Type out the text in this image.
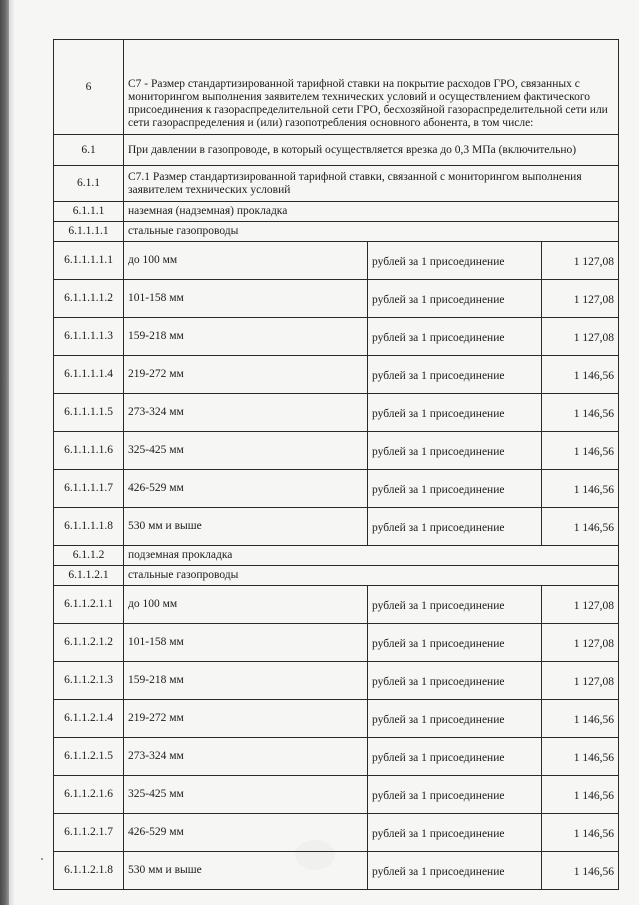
6	С7 - Размер стандартизированной тарифной ставки на покрытие расходов ГРО, связанных с мониторингом выполнения заявителем технических условий и осуществлением фактического присоединения к газораспределительной сети ГРО, бесхозяйной газораспределительной сети или сети газораспределения и (или) газопотребления основного абонента, в том числе:		
6.1	При давлении в газопроводе, в который осуществляется врезка до 0,3 МПа (включительно)		
6.1.1	С7.1 Размер стандартизированной тарифной ставки, связанной с мониторингом выполнения заявителем технических условий		
6.1.1.1	наземная (надземная) прокладка		
6.1.1.1.1	стальные газопроводы		
6.1.1.1.1.1	до 100 мм	рублей за 1 присоединение	1 127,08
6.1.1.1.1.2	101-158 мм	рублей за 1 присоединение	1 127,08
6.1.1.1.1.3	159-218 мм	рублей за 1 присоединение	1 127,08
6.1.1.1.1.4	219-272 мм	рублей за 1 присоединение	1 146,56
6.1.1.1.1.5	273-324 мм	рублей за 1 присоединение	1 146,56
6.1.1.1.1.6	325-425 мм	рублей за 1 присоединение	1 146,56
6.1.1.1.1.7	426-529 мм	рублей за 1 присоединение	1 146,56
6.1.1.1.1.8	530 мм и выше	рублей за 1 присоединение	1 146,56
6.1.1.2	подземная прокладка		
6.1.1.2.1	стальные газопроводы		
6.1.1.2.1.1	до 100 мм	рублей за 1 присоединение	1 127,08
6.1.1.2.1.2	101-158 мм	рублей за 1 присоединение	1 127,08
6.1.1.2.1.3	159-218 мм	рублей за 1 присоединение	1 127,08
6.1.1.2.1.4	219-272 мм	рублей за 1 присоединение	1 146,56
6.1.1.2.1.5	273-324 мм	рублей за 1 присоединение	1 146,56
6.1.1.2.1.6	325-425 мм	рублей за 1 присоединение	1 146,56
6.1.1.2.1.7	426-529 мм	рублей за 1 присоединение	1 146,56
6.1.1.2.1.8	530 мм и выше	рублей за 1 присоединение	1 146,56
